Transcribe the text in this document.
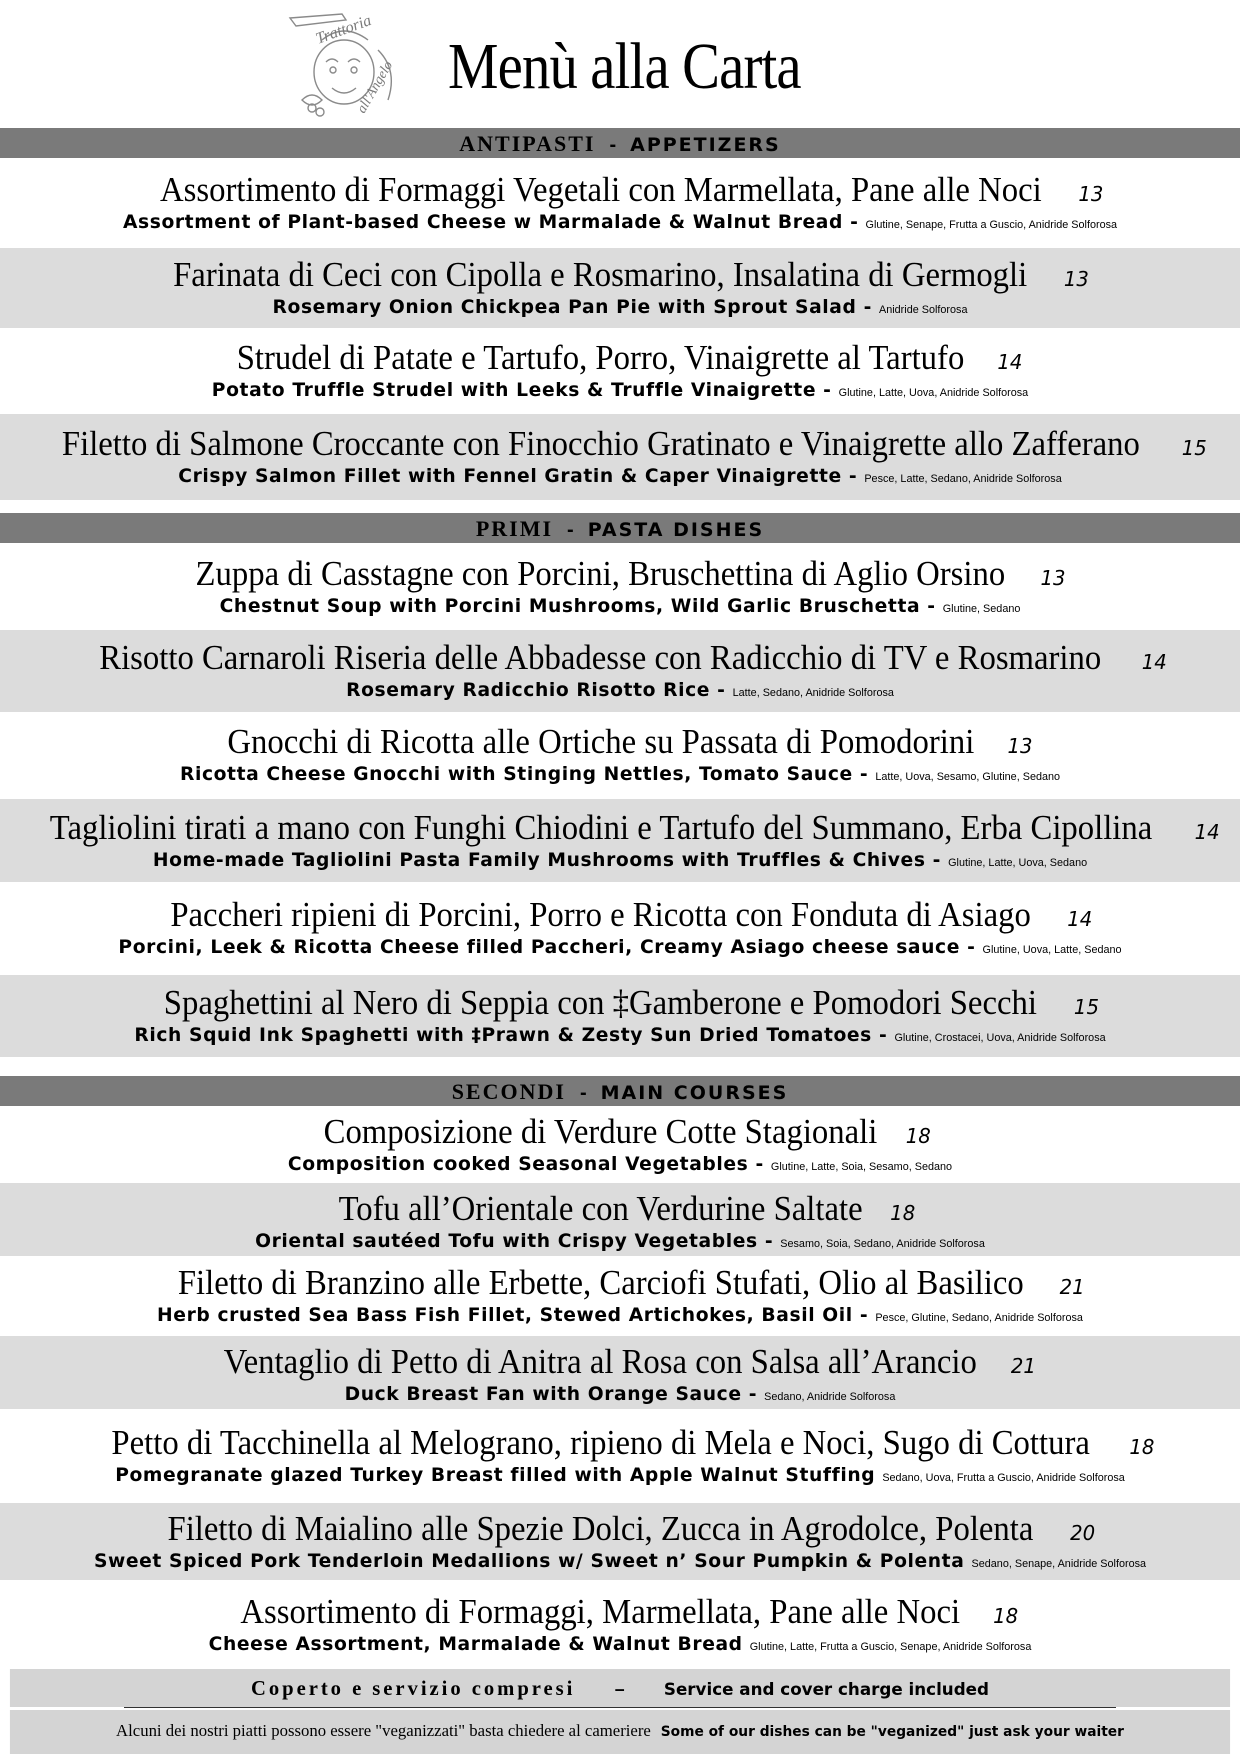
Trattoria
all'Angelo Menù alla Carta
ANTIPASTI - APPETIZERS
Assortimento di Formaggi Vegetali con Marmellata, Pane alle Noci 13
Assortment of Plant-based Cheese w Marmalade & Walnut Bread - Glutine, Senape, Frutta a Guscio, Anidride Solforosa
Farinata di Ceci con Cipolla e Rosmarino, Insalatina di Germogli 13
Rosemary Onion Chickpea Pan Pie with Sprout Salad - Anidride Solforosa
Strudel di Patate e Tartufo, Porro, Vinaigrette al Tartufo 14
Potato Truffle Strudel with Leeks & Truffle Vinaigrette - Glutine, Latte, Uova, Anidride Solforosa
Filetto di Salmone Croccante con Finocchio Gratinato e Vinaigrette allo Zafferano 15
Crispy Salmon Fillet with Fennel Gratin & Caper Vinaigrette - Pesce, Latte, Sedano, Anidride Solforosa
PRIMI - PASTA DISHES
Zuppa di Casstagne con Porcini, Bruschettina di Aglio Orsino 13
Chestnut Soup with Porcini Mushrooms, Wild Garlic Bruschetta - Glutine, Sedano
Risotto Carnaroli Riseria delle Abbadesse con Radicchio di TV e Rosmarino 14
Rosemary Radicchio Risotto Rice - Latte, Sedano, Anidride Solforosa
Gnocchi di Ricotta alle Ortiche su Passata di Pomodorini 13
Ricotta Cheese Gnocchi with Stinging Nettles, Tomato Sauce - Latte, Uova, Sesamo, Glutine, Sedano
Tagliolini tirati a mano con Funghi Chiodini e Tartufo del Summano, Erba Cipollina 14
Home-made Tagliolini Pasta Family Mushrooms with Truffles & Chives - Glutine, Latte, Uova, Sedano
Paccheri ripieni di Porcini, Porro e Ricotta con Fonduta di Asiago 14
Porcini, Leek & Ricotta Cheese filled Paccheri, Creamy Asiago cheese sauce - Glutine, Uova, Latte, Sedano
Spaghettini al Nero di Seppia con ‡Gamberone e Pomodori Secchi 15
Rich Squid Ink Spaghetti with ‡Prawn & Zesty Sun Dried Tomatoes - Glutine, Crostacei, Uova, Anidride Solforosa
SECONDI - MAIN COURSES
Composizione di Verdure Cotte Stagionali 18
Composition cooked Seasonal Vegetables - Glutine, Latte, Soia, Sesamo, Sedano
Tofu all’Orientale con Verdurine Saltate 18
Oriental sautéed Tofu with Crispy Vegetables - Sesamo, Soia, Sedano, Anidride Solforosa
Filetto di Branzino alle Erbette, Carciofi Stufati, Olio al Basilico 21
Herb crusted Sea Bass Fish Fillet, Stewed Artichokes, Basil Oil - Pesce, Glutine, Sedano, Anidride Solforosa
Ventaglio di Petto di Anitra al Rosa con Salsa all’Arancio 21
Duck Breast Fan with Orange Sauce - Sedano, Anidride Solforosa
Petto di Tacchinella al Melograno, ripieno di Mela e Noci, Sugo di Cottura 18
Pomegranate glazed Turkey Breast filled with Apple Walnut Stuffing Sedano, Uova, Frutta a Guscio, Anidride Solforosa
Filetto di Maialino alle Spezie Dolci, Zucca in Agrodolce, Polenta 20
Sweet Spiced Pork Tenderloin Medallions w/ Sweet n’ Sour Pumpkin & Polenta Sedano, Senape, Anidride Solforosa
Assortimento di Formaggi, Marmellata, Pane alle Noci 18
Cheese Assortment, Marmalade & Walnut Bread Glutine, Latte, Frutta a Guscio, Senape, Anidride Solforosa
Coperto e servizio compresi – Service and cover charge included
Alcuni dei nostri piatti possono essere "veganizzati" basta chiedere al cameriere Some of our dishes can be "veganized" just ask your waiter
